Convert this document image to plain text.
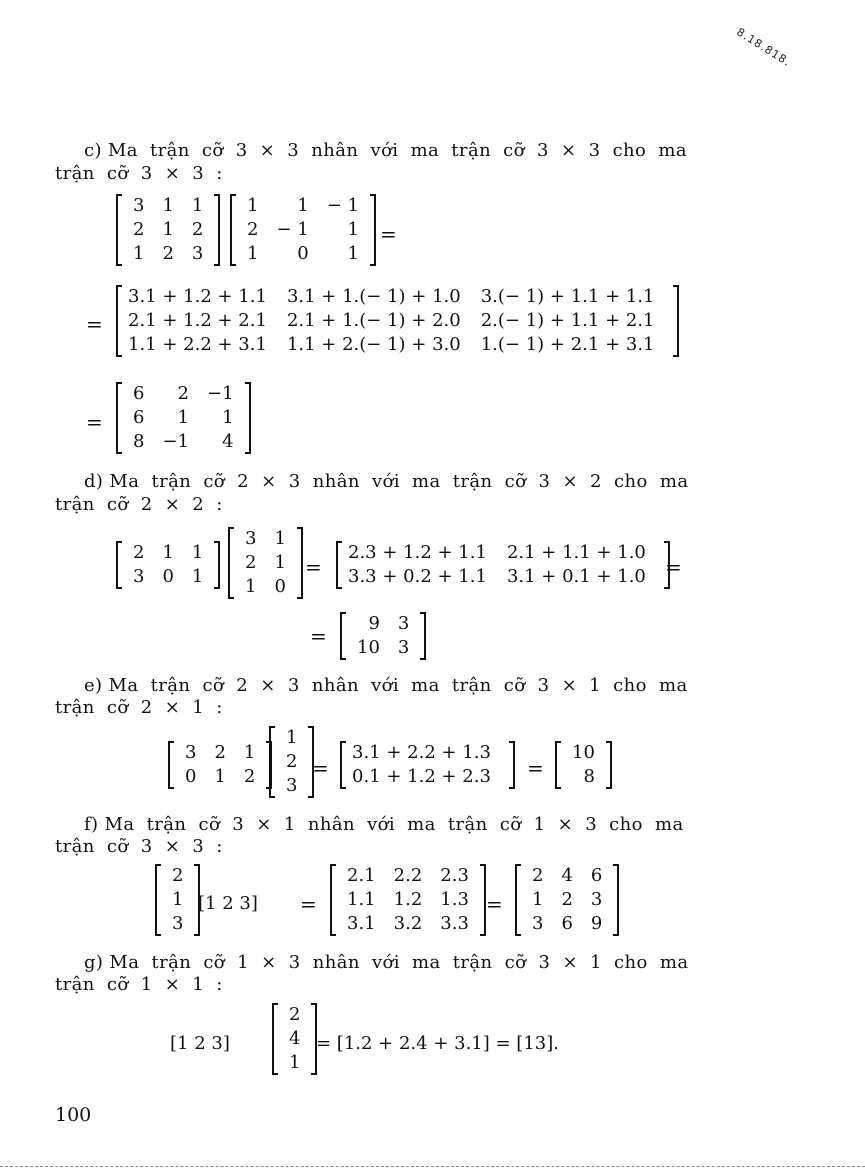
8.18.818.
c) Ma trận cỡ 3 × 3 nhân với ma trận cỡ 3 × 3 cho ma
trận cỡ 3 × 3 :
3	1	1
2	1	2
1	2	3
1	1	− 1
2	− 1	1
1	0	1
=
=
3.1 + 1.2 + 1.1	3.1 + 1.(− 1) + 1.0	3.(− 1) + 1.1 + 1.1
2.1 + 1.2 + 2.1	2.1 + 1.(− 1) + 2.0	2.(− 1) + 1.1 + 2.1
1.1 + 2.2 + 3.1	1.1 + 2.(− 1) + 3.0	1.(− 1) + 2.1 + 3.1
=
6	2	−1
6	1	1
8	−1	4
d) Ma trận cỡ 2 × 3 nhân với ma trận cỡ 3 × 2 cho ma
trận cỡ 2 × 2 :
2	1	1
3	0	1
3	1
2	1
1	0
=
2.3 + 1.2 + 1.1	2.1 + 1.1 + 1.0
3.3 + 0.2 + 1.1	3.1 + 0.1 + 1.0 =
=
9	3
10	3
e) Ma trận cỡ 2 × 3 nhân với ma trận cỡ 3 × 1 cho ma
trận cỡ 2 × 1 :
3	2	1
0	1	2
1
2
3
=
3.1 + 2.2 + 1.3
0.1 + 1.2 + 2.3 =
10
8
f) Ma trận cỡ 3 × 1 nhân với ma trận cỡ 1 × 3 cho ma
trận cỡ 3 × 3 :
2
1
3
[1 2 3] =
2.1	2.2	2.3
1.1	1.2	1.3
3.1	3.2	3.3
=
2	4	6
1	2	3
3	6	9
g) Ma trận cỡ 1 × 3 nhân với ma trận cỡ 3 × 1 cho ma
trận cỡ 1 × 1 :
[1 2 3]
2
4
1
= [1.2 + 2.4 + 3.1] = [13].
100
